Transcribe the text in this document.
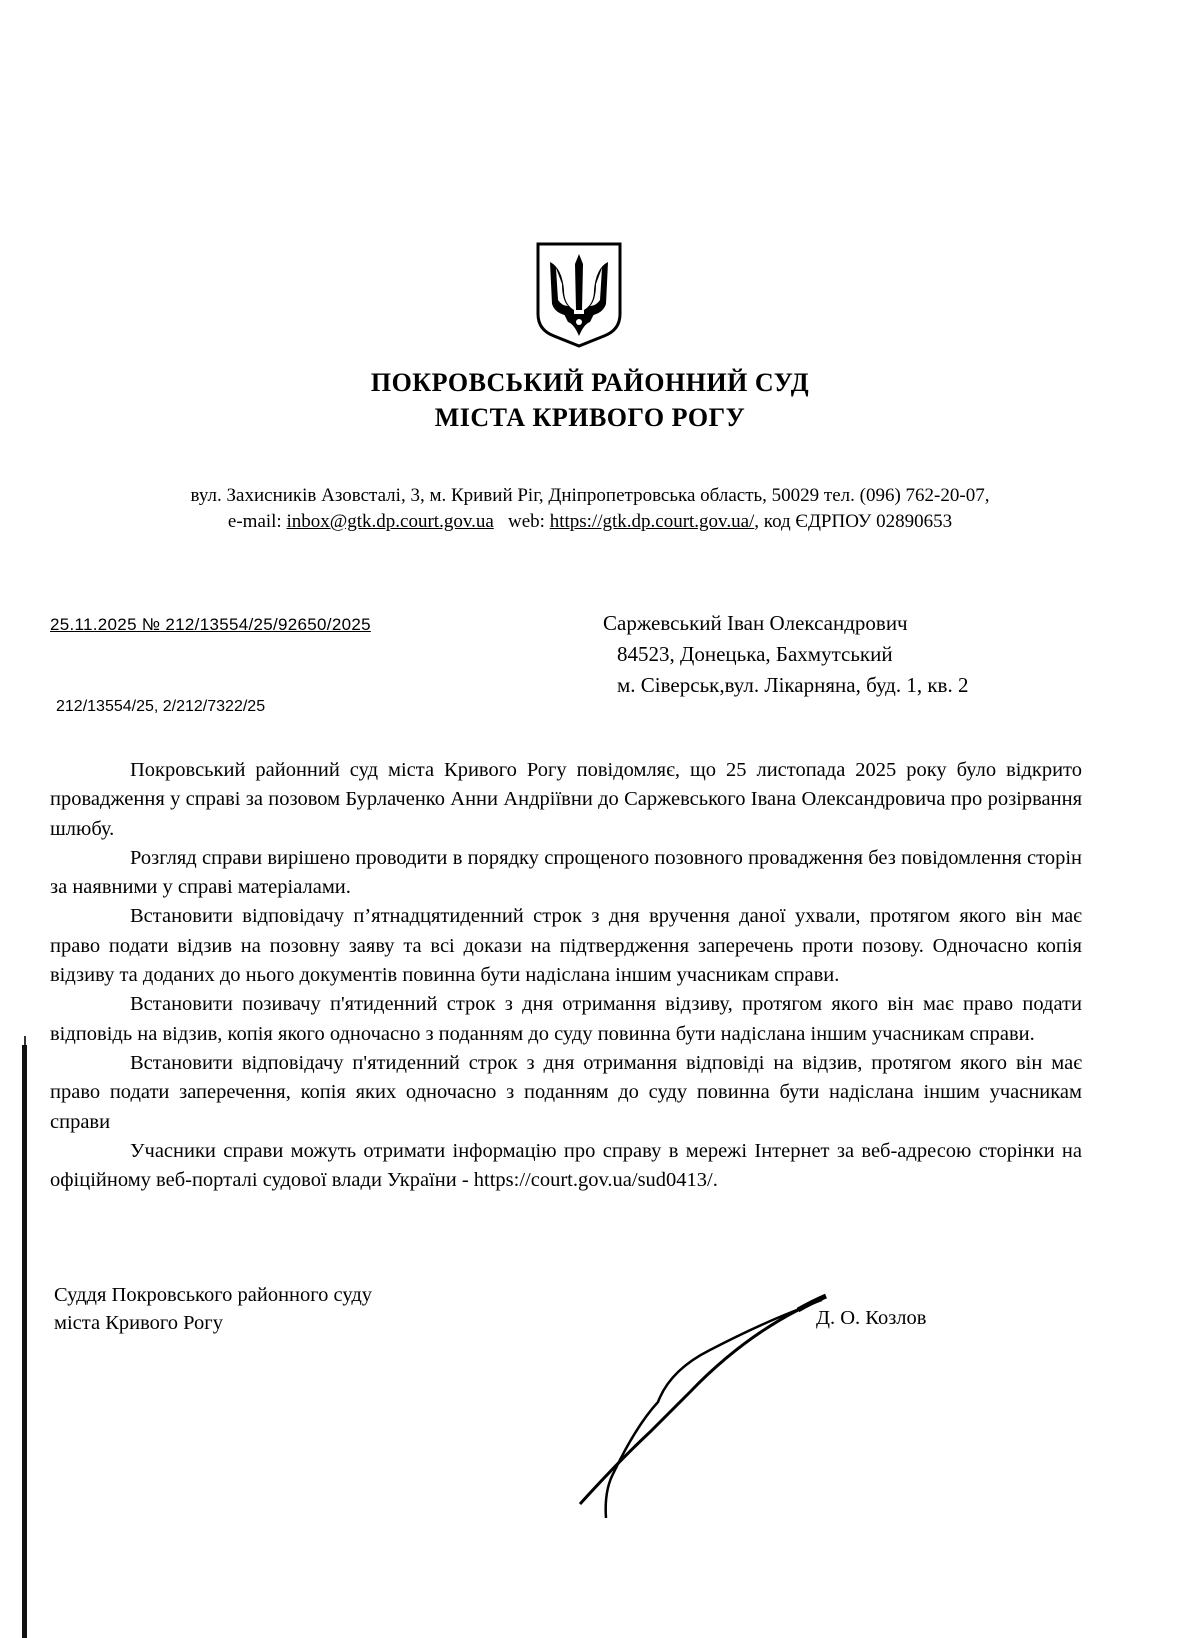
ПОКРОВСЬКИЙ РАЙОННИЙ СУД
МІСТА КРИВОГО РОГУ
вул. Захисників Азовсталі, 3, м. Кривий Ріг, Дніпропетровська область, 50029 тел. (096) 762-20-07,
e-mail: inbox@gtk.dp.court.gov.ua web: https://gtk.dp.court.gov.ua/, код ЄДРПОУ 02890653
25.11.2025 № 212/13554/25/92650/2025
212/13554/25, 2/212/7322/25
Саржевський Іван Олександрович
84523, Донецька, Бахмутський
м. Сіверськ,вул. Лікарняна, буд. 1, кв. 2

Покровський районний суд міста Кривого Рогу повідомляє, що 25 листопада 2025 року було відкрито провадження у справі за позовом Бурлаченко Анни Андріївни до Саржевського Івана Олександровича про розірвання шлюбу.

Розгляд справи вирішено проводити в порядку спрощеного позовного провадження без повідомлення сторін за наявними у справі матеріалами.

Встановити відповідачу п’ятнадцятиденний строк з дня вручення даної ухвали, протягом якого він має право подати відзив на позовну заяву та всі докази на підтвердження заперечень проти позову. Одночасно копія відзиву та доданих до нього документів повинна бути надіслана іншим учасникам справи.

Встановити позивачу п'ятиденний строк з дня отримання відзиву, протягом якого він має право подати відповідь на відзив, копія якого одночасно з поданням до суду повинна бути надіслана іншим учасникам справи.

Встановити відповідачу п'ятиденний строк з дня отримання відповіді на відзив, протягом якого він має право подати заперечення, копія яких одночасно з поданням до суду повинна бути надіслана іншим учасникам справи

Учасники справи можуть отримати інформацію про справу в мережі Інтернет за веб-адресою сторінки на офіційному веб-порталі судової влади України - https://court.gov.ua/sud0413/.

Суддя Покровського районного суду
міста Кривого Рогу	Д. О. Козлов
